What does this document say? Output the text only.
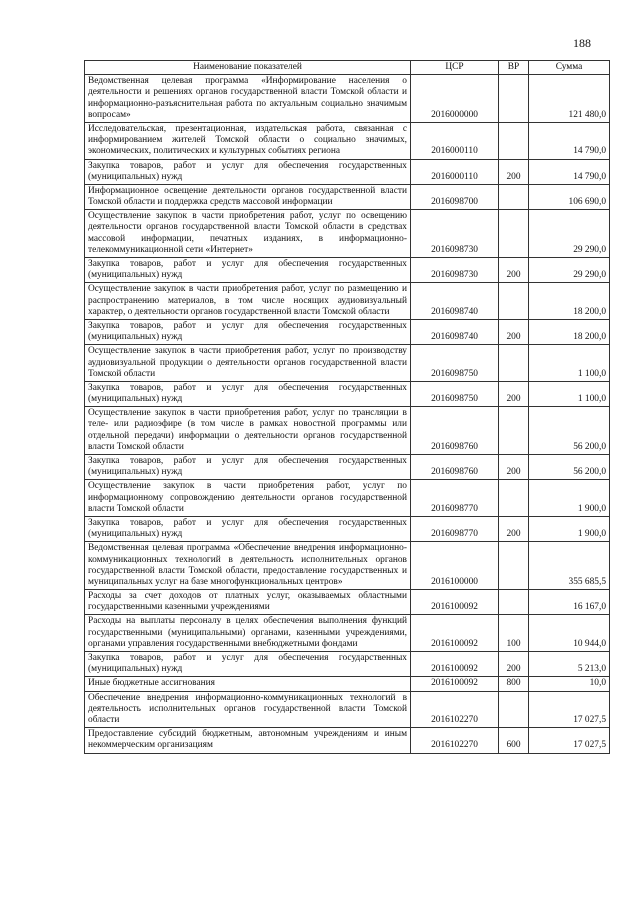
188
Наименование показателей	ЦСР	ВР	Сумма
Ведомственная целевая программа «Информирование населения о деятельности и решениях органов государственной власти Томской области и информационно-разъяснительная работа по актуальным социально значимым вопросам»	2016000000		121 480,0
Исследовательская, презентационная, издательская работа, связанная с информированием жителей Томской области о социально значимых, экономических, политических и культурных событиях региона	2016000110		14 790,0
Закупка товаров, работ и услуг для обеспечения государственных (муниципальных) нужд	2016000110	200	14 790,0
Информационное освещение деятельности органов государственной власти Томской области и поддержка средств массовой информации	2016098700		106 690,0
Осуществление закупок в части приобретения работ, услуг по освещению деятельности органов государственной власти Томской области в средствах массовой информации, печатных изданиях, в информационно-телекоммуникационной сети «Интернет»	2016098730		29 290,0
Закупка товаров, работ и услуг для обеспечения государственных (муниципальных) нужд	2016098730	200	29 290,0
Осуществление закупок в части приобретения работ, услуг по размещению и распространению материалов, в том числе носящих аудиовизуальный характер, о деятельности органов государственной власти Томской области	2016098740		18 200,0
Закупка товаров, работ и услуг для обеспечения государственных (муниципальных) нужд	2016098740	200	18 200,0
Осуществление закупок в части приобретения работ, услуг по производству аудиовизуальной продукции о деятельности органов государственной власти Томской области	2016098750		1 100,0
Закупка товаров, работ и услуг для обеспечения государственных (муниципальных) нужд	2016098750	200	1 100,0
Осуществление закупок в части приобретения работ, услуг по трансляции в теле- или радиоэфире (в том числе в рамках новостной программы или отдельной передачи) информации о деятельности органов государственной власти Томской области	2016098760		56 200,0
Закупка товаров, работ и услуг для обеспечения государственных (муниципальных) нужд	2016098760	200	56 200,0
Осуществление закупок в части приобретения работ, услуг по информационному сопровождению деятельности органов государственной власти Томской области	2016098770		1 900,0
Закупка товаров, работ и услуг для обеспечения государственных (муниципальных) нужд	2016098770	200	1 900,0
Ведомственная целевая программа «Обеспечение внедрения информационно-коммуникационных технологий в деятельность исполнительных органов государственной власти Томской области, предоставление государственных и муниципальных услуг на базе многофункциональных центров»	2016100000		355 685,5
Расходы за счет доходов от платных услуг, оказываемых областными государственными казенными учреждениями	2016100092		16 167,0
Расходы на выплаты персоналу в целях обеспечения выполнения функций государственными (муниципальными) органами, казенными учреждениями, органами управления государственными внебюджетными фондами	2016100092	100	10 944,0
Закупка товаров, работ и услуг для обеспечения государственных (муниципальных) нужд	2016100092	200	5 213,0
Иные бюджетные ассигнования	2016100092	800	10,0
Обеспечение внедрения информационно-коммуникационных технологий в деятельность исполнительных органов государственной власти Томской области	2016102270		17 027,5
Предоставление субсидий бюджетным, автономным учреждениям и иным некоммерческим организациям	2016102270	600	17 027,5
